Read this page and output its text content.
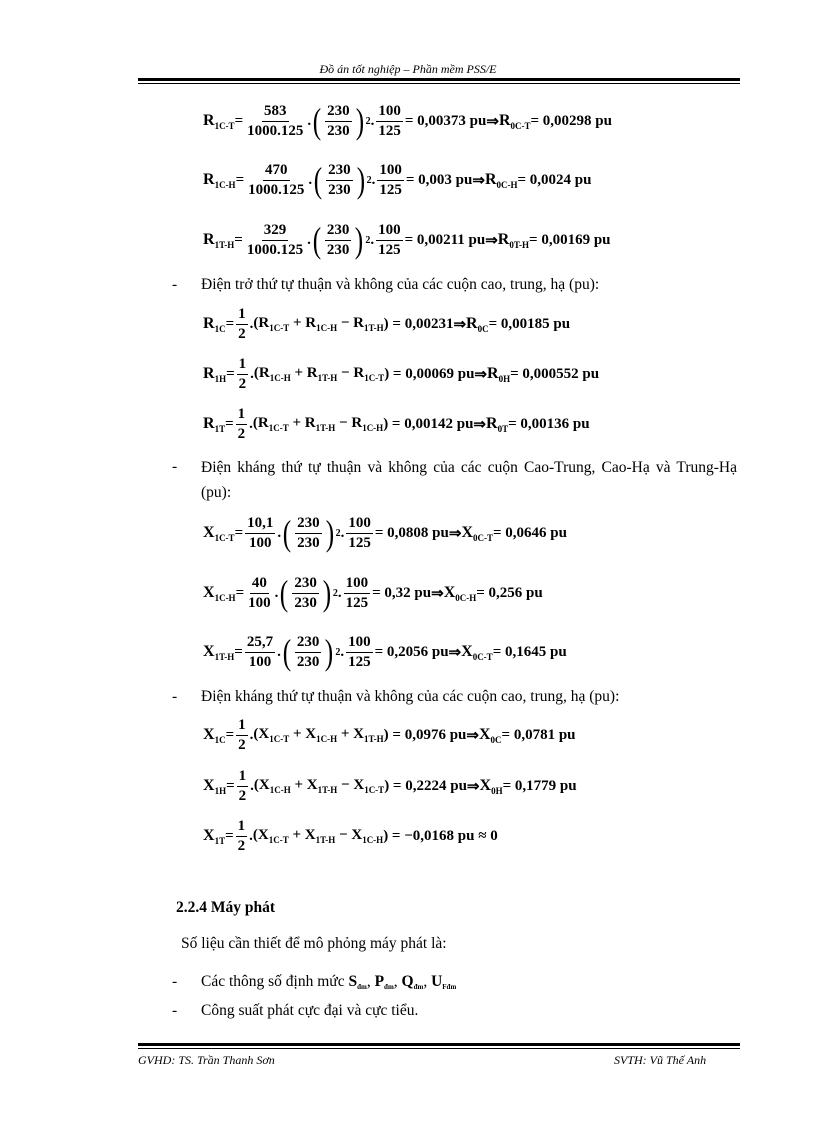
Đồ án tốt nghiệp – Phần mềm PSS/E
$R_{1C-T} = \frac{583}{1000.125}$ . ( $\frac{230}{230}$ ) 2 . $\frac{100}{125} = 0,00373$ pu ⇒ $R_{0C-T} = 0,00298$ pu
$R_{1C-H} = \frac{470}{1000.125}$ . ( $\frac{230}{230}$ ) 2 . $\frac{100}{125} = 0,003$ pu ⇒ $R_{0C-H} = 0,0024$ pu
$R_{1T-H} = \frac{329}{1000.125}$ . ( $\frac{230}{230}$ ) 2 . $\frac{100}{125} = 0,00211$ pu ⇒ $R_{0T-H} = 0,00169$ pu
- Điện trở thứ tự thuận và không của các cuộn cao, trung, hạ (pu):
$R_{1C} = \frac{1}{2}$ . ($R_{1C-T} + R_{1C-H} - R_{1T-H}$ ) = 0,00231 ⇒ $R_{0C} = 0,00185$ pu
$R_{1H} = \frac{1}{2}$ . ($R_{1C-H} + R_{1T-H} - R_{1C-T}$ ) = 0,00069 pu ⇒ $R_{0H} = 0,000552$ pu
$R_{1T} = \frac{1}{2}$ . ($R_{1C-T} + R_{1T-H} - R_{1C-H}$ ) = 0,00142 pu ⇒ $R_{0T} = 0,00136$ pu
- Điện kháng thứ tự thuận và không của các cuộn Cao-Trung, Cao-Hạ và Trung-Hạ (pu):
$X_{1C-T} = \frac{10,1}{100}$ . ( $\frac{230}{230}$ ) 2 . $\frac{100}{125} = 0,0808$ pu ⇒ $X_{0C-T} = 0,0646$ pu
$X_{1C-H} = \frac{40}{100}$ . ( $\frac{230}{230}$ ) 2 . $\frac{100}{125} = 0,32$ pu ⇒ $X_{0C-H} = 0,256$ pu
$X_{1T-H} = \frac{25,7}{100}$ . ( $\frac{230}{230}$ ) 2 . $\frac{100}{125} = 0,2056$ pu ⇒ $X_{0C-T} = 0,1645$ pu
- Điện kháng thứ tự thuận và không của các cuộn cao, trung, hạ (pu):
$X_{1C} = \frac{1}{2}$ . ($X_{1C-T} + X_{1C-H} + X_{1T-H}$ ) = 0,0976 pu ⇒ $X_{0C} = 0,0781$ pu
$X_{1H} = \frac{1}{2}$ . ($X_{1C-H} + X_{1T-H} - X_{1C-T}$ ) = 0,2224 pu ⇒ $X_{0H} = 0,1779$ pu
$X_{1T} = \frac{1}{2}$ . ($X_{1C-T} + X_{1T-H} - X_{1C-H}$ ) = −0,0168 pu ≈ 0
2.2.4 Máy phát
Số liệu cần thiết để mô phỏng máy phát là:
- Các thông số định mức $S_{đm}$, $P_{đm}$, $Q_{đm}$, $U_{Fđm}$
- Công suất phát cực đại và cực tiểu.
GVHD: TS. Trần Thanh Sơn	SVTH: Vũ Thế Anh
